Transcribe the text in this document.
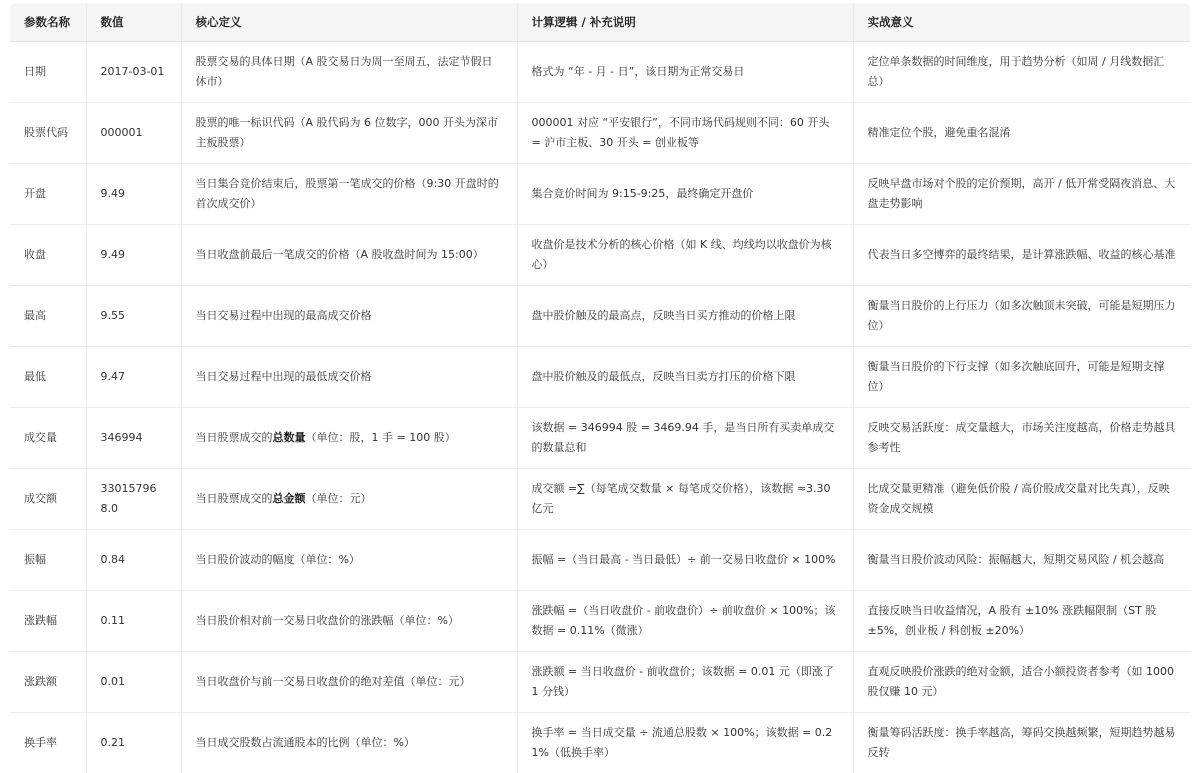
参数名称	数值	核心定义	计算逻辑 / 补充说明	实战意义
日期	2017-03-01	股票交易的具体日期（A 股交易日为周一至周五，法定节假日休市）	格式为 “年 - 月 - 日”，该日期为正常交易日	定位单条数据的时间维度，用于趋势分析（如周 / 月线数据汇总）
股票代码	000001	股票的唯一标识代码（A 股代码为 6 位数字，000 开头为深市主板股票）	000001 对应 “平安银行”，不同市场代码规则不同：60 开头 = 沪市主板、30 开头 = 创业板等	精准定位个股，避免重名混淆
开盘	9.49	当日集合竞价结束后，股票第一笔成交的价格（9:30 开盘时的首次成交价）	集合竞价时间为 9:15-9:25，最终确定开盘价	反映早盘市场对个股的定价预期，高开 / 低开常受隔夜消息、大盘走势影响
收盘	9.49	当日收盘前最后一笔成交的价格（A 股收盘时间为 15:00）	收盘价是技术分析的核心价格（如 K 线、均线均以收盘价为核心）	代表当日多空博弈的最终结果，是计算涨跌幅、收益的核心基准
最高	9.55	当日交易过程中出现的最高成交价格	盘中股价触及的最高点，反映当日买方推动的价格上限	衡量当日股价的上行压力（如多次触顶未突破，可能是短期压力位）
最低	9.47	当日交易过程中出现的最低成交价格	盘中股价触及的最低点，反映当日卖方打压的价格下限	衡量当日股价的下行支撑（如多次触底回升，可能是短期支撑位）
成交量	346994	当日股票成交的总数量（单位：股，1 手 = 100 股）	该数据 = 346994 股 = 3469.94 手，是当日所有买卖单成交的数量总和	反映交易活跃度：成交量越大，市场关注度越高，价格走势越具参考性
成交额	330157968.0	当日股票成交的总金额（单位：元）	成交额 =∑（每笔成交数量 × 每笔成交价格），该数据 ≈3.30 亿元	比成交量更精准（避免低价股 / 高价股成交量对比失真），反映资金成交规模
振幅	0.84	当日股价波动的幅度（单位：%）	振幅 =（当日最高 - 当日最低）÷ 前一交易日收盘价 × 100%	衡量当日股价波动风险：振幅越大，短期交易风险 / 机会越高
涨跌幅	0.11	当日股价相对前一交易日收盘价的涨跌幅（单位：%）	涨跌幅 =（当日收盘价 - 前收盘价）÷ 前收盘价 × 100%；该数据 = 0.11%（微涨）	直接反映当日收益情况，A 股有 ±10% 涨跌幅限制（ST 股 ±5%，创业板 / 科创板 ±20%）
涨跌额	0.01	当日收盘价与前一交易日收盘价的绝对差值（单位：元）	涨跌额 = 当日收盘价 - 前收盘价；该数据 = 0.01 元（即涨了 1 分钱）	直观反映股价涨跌的绝对金额，适合小额投资者参考（如 1000 股仅赚 10 元）
换手率	0.21	当日成交股数占流通股本的比例（单位：%）	换手率 = 当日成交量 ÷ 流通总股数 × 100%；该数据 = 0.21%（低换手率）	衡量筹码活跃度：换手率越高，筹码交换越频繁，短期趋势越易反转
